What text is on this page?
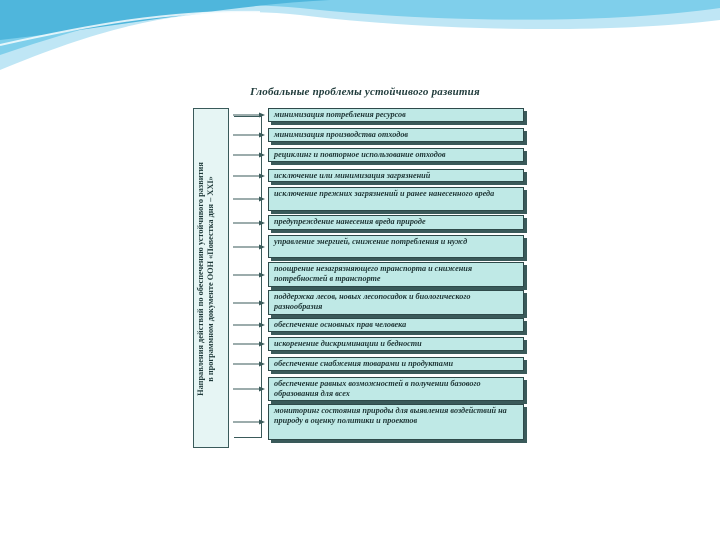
Глобальные проблемы устойчивого развития
Направления действий по обеспечению устойчивого развития в программном документе ООН «Повестка дня – XXI»
минимизация потребления ресурсов
минимизация производства отходов
рециклинг и повторное использование отходов
исключение или минимизация загрязнений
исключение прежних загрязнений и ранее нанесенного вреда
предупреждение нанесения вреда природе
управление энергией, снижение потребления и нужд
поощрение незагрязняющего транспорта и снижения потребностей в транспорте
поддержка лесов, новых лесопосадок и биологического разнообразия
обеспечение основных прав человека
искоренение дискриминации и бедности
обеспечение снабжения товарами и продуктами
обеспечение равных возможностей в получении базового образования для всех
мониторинг состояния природы для выявления воздействий на природу в оценку политики и проектов
